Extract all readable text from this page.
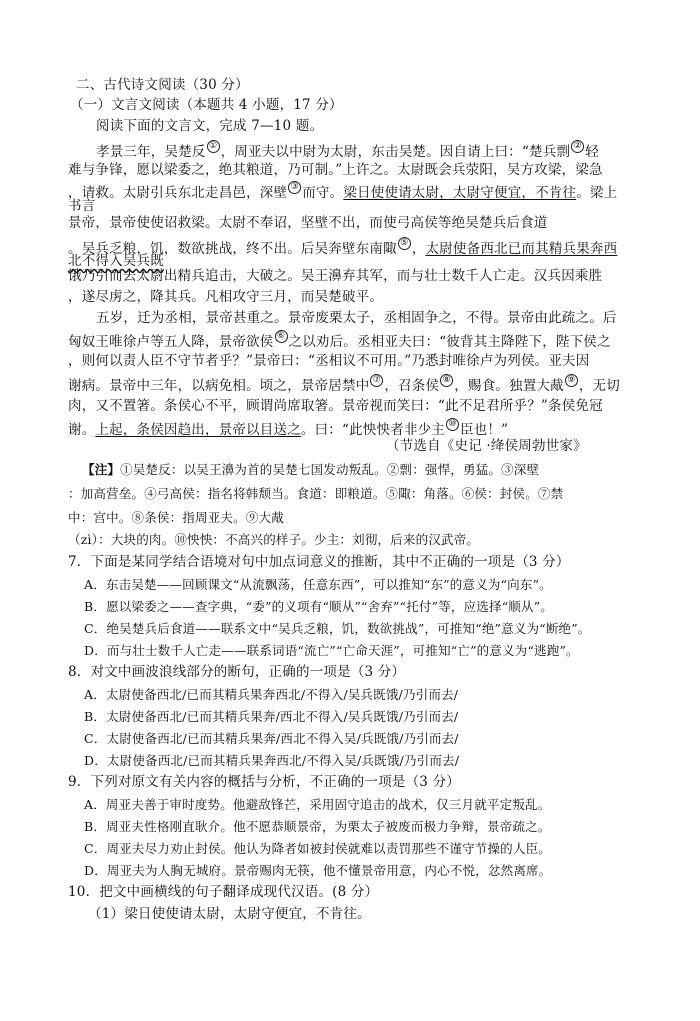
二、古代诗文阅读（30 分）
（一）文言文阅读（本题共 4 小题，17 分）
阅读下面的文言文，完成 7—10 题。
孝景三年，吴楚反 ① ，周亚夫以中尉为太尉，东击吴楚。因自请上曰：“楚兵剽 ② 轻
难与争锋，愿以梁委之，绝其粮道，乃可制。”上许之。太尉既会兵荥阳，吴方攻梁，梁急
，请救。太尉引兵东北走昌邑，深壁 ③ 而守。梁日使使请太尉，太尉守便宜，不肯往。梁上
书言
景帝，景帝使使诏救梁。太尉不奉诏，坚壁不出，而使弓高侯等绝吴楚兵后食道
。吴兵乏粮，饥，数欲挑战，终不出。后吴奔壁东南陬 ⑤ ，太尉使备西北已而其精兵果奔西
北不得入吴兵既
饿乃引而去太尉出精兵追击，大破之。吴王濞弃其军，而与壮士数千人亡走。汉兵因乘胜
，遂尽虏之，降其兵。凡相攻守三月，而吴楚破平。
五岁，迁为丞相，景帝甚重之。景帝废栗太子，丞相固争之，不得。景帝由此疏之。后
匈奴王唯徐卢等五人降，景帝欲侯 ⑥ 之以劝后。丞相亚夫曰：“彼背其主降陛下，陛下侯之
，则何以责人臣不守节者乎？”景帝曰：“丞相议不可用。”乃悉封唯徐卢为列侯。亚夫因
谢病。景帝中三年，以病免相。顷之，景帝居禁中 ⑦ ，召条侯 ⑧ ，赐食。独置大胾 ⑨ ，无切
肉，又不置箸。条侯心不平，顾谓尚席取箸。景帝视而笑曰：“此不足君所乎？”条侯免冠
谢。上起，条侯因趋出，景帝以目送之。曰：“此怏怏者非少主 ⑩ 臣也！”
（节选自《史记 ·绛侯周勃世家》
【注】①吴楚反：以吴王濞为首的吴楚七国发动叛乱。②剽：强悍，勇猛。③深壁
：加高营垒。④弓高侯：指名将韩颓当。食道：即粮道。⑤陬：角落。⑥侯：封侯。⑦禁
中：宫中。⑧条侯：指周亚夫。⑨大胾
（zì）：大块的肉。⑩怏怏：不高兴的样子。少主：刘彻，后来的汉武帝。
7．下面是某同学结合语境对句中加点词意义的推断，其中不正确的一项是（3 分）
A．东击吴楚——回顾课文“从流飘荡，任意东西”，可以推知“东”的意义为“向东”。
B．愿以梁委之——查字典，“委”的义项有“顺从”“舍弃”“托付”等，应选择“顺从”。
C．绝吴楚兵后食道——联系文中“吴兵乏粮，饥，数欲挑战”，可推知“绝”意义为“断绝”。
D．而与壮士数千人亡走——联系词语“流亡”“亡命天涯”，可推知“亡”的意义为“逃跑”。
8．对文中画波浪线部分的断句，正确的一项是（3 分）
A．太尉使备西北/已而其精兵果奔西北/不得入/吴兵既饿/乃引而去/
B．太尉使备西北/已而其精兵果奔/西北不得入/吴兵既饿/乃引而去/
C．太尉使备西北/已而其精兵果奔/西北不得入吴/兵既饿/乃引而去/
D．太尉使备西北/已而其精兵果奔西北/不得入吴/兵既饿/乃引而去/
9．下列对原文有关内容的概括与分析，不正确的一项是（3 分）
A．周亚夫善于审时度势。他避敌锋芒，采用固守追击的战术，仅三月就平定叛乱。
B．周亚夫性格刚直耿介。他不愿恭顺景帝，为栗太子被废而极力争辩，景帝疏之。
C．周亚夫尽力劝止封侯。他认为降者如被封侯就难以责罚那些不谨守节操的人臣。
D．周亚夫为人胸无城府。景帝赐肉无筷，他不懂景帝用意，内心不悦，忿然离席。
10．把文中画横线的句子翻译成现代汉语。(8 分）
（1）梁日使使请太尉，太尉守便宜，不肯往。
